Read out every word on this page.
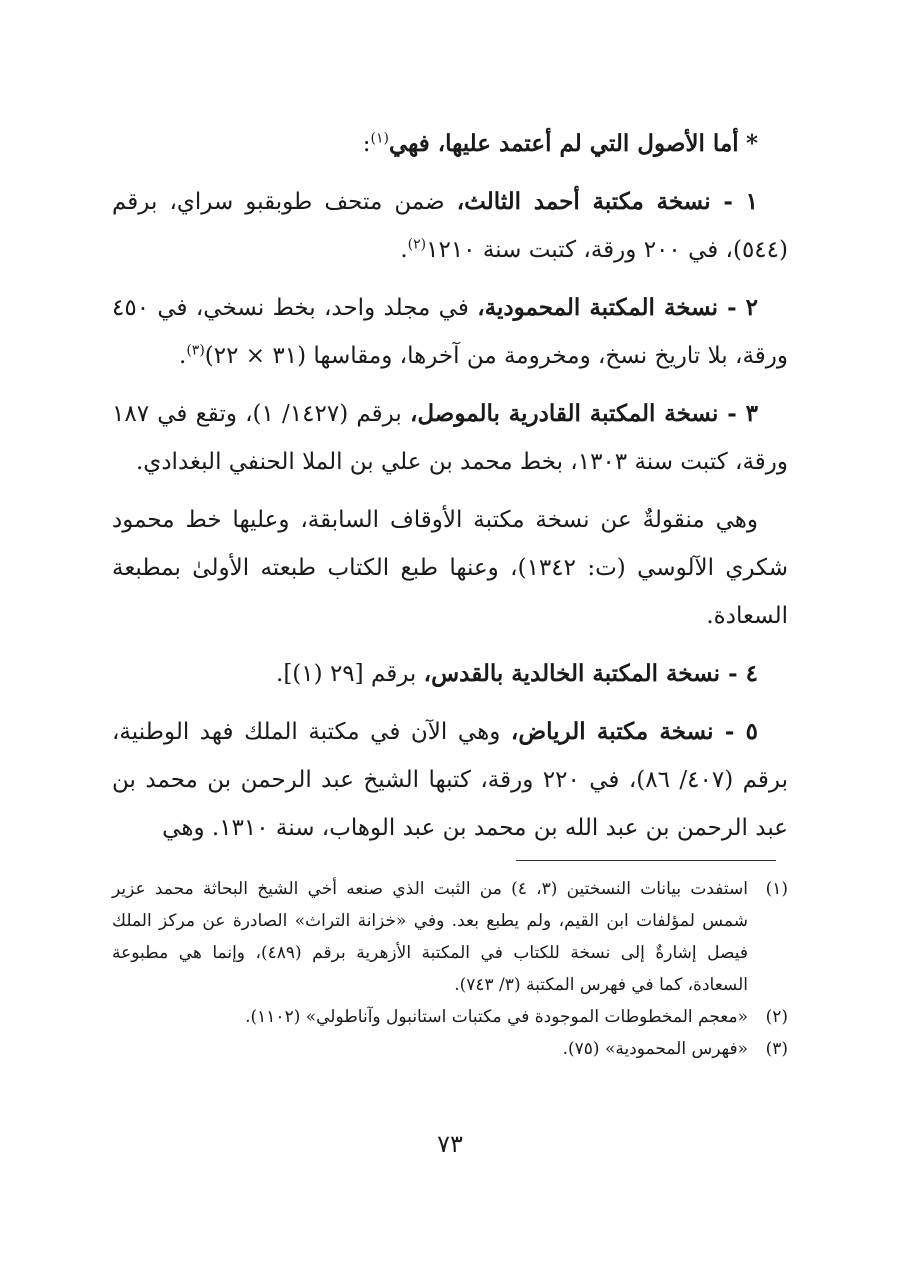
* أما الأصول التي لم أعتمد عليها، فهي$^{(١)}$:

١ - نسخة مكتبة أحمد الثالث، ضمن متحف طوبقبو سراي، برقم (٥٤٤)، في ٢٠٠ ورقة، كتبت سنة ١٢١٠$^{(٢)}$.

٢ - نسخة المكتبة المحمودية، في مجلد واحد، بخط نسخي، في ٤٥٠ ورقة، بلا تاريخ نسخ، ومخرومة من آخرها، ومقاسها (٣١ × ٢٢)$^{(٣)}$.

٣ - نسخة المكتبة القادرية بالموصل، برقم (١٤٢٧/ ١)، وتقع في ١٨٧ ورقة، كتبت سنة ١٣٠٣، بخط محمد بن علي بن الملا الحنفي البغدادي.

وهي منقولةٌ عن نسخة مكتبة الأوقاف السابقة، وعليها خط محمود شكري الآلوسي (ت: ١٣٤٢)، وعنها طبع الكتاب طبعته الأولىٰ بمطبعة السعادة.

٤ - نسخة المكتبة الخالدية بالقدس، برقم [٢٩ (١)].

٥ - نسخة مكتبة الرياض، وهي الآن في مكتبة الملك فهد الوطنية، برقم (٤٠٧/ ٨٦)، في ٢٢٠ ورقة، كتبها الشيخ عبد الرحمن بن محمد بن عبد الرحمن بن عبد الله بن محمد بن عبد الوهاب، سنة ١٣١٠. وهي

(١)
استفدت بيانات النسختين (٣، ٤) من الثبت الذي صنعه أخي الشيخ البحاثة محمد عزير شمس لمؤلفات ابن القيم، ولم يطبع بعد. وفي «خزانة التراث» الصادرة عن مركز الملك فيصل إشارةٌ إلى نسخة للكتاب في المكتبة الأزهرية برقم (٤٨٩)، وإنما هي مطبوعة السعادة، كما في فهرس المكتبة (٣/ ٧٤٣).
(٢)
«معجم المخطوطات الموجودة في مكتبات استانبول وآناطولي» (١١٠٢).
(٣)
«فهرس المحمودية» (٧٥).
٧٣
